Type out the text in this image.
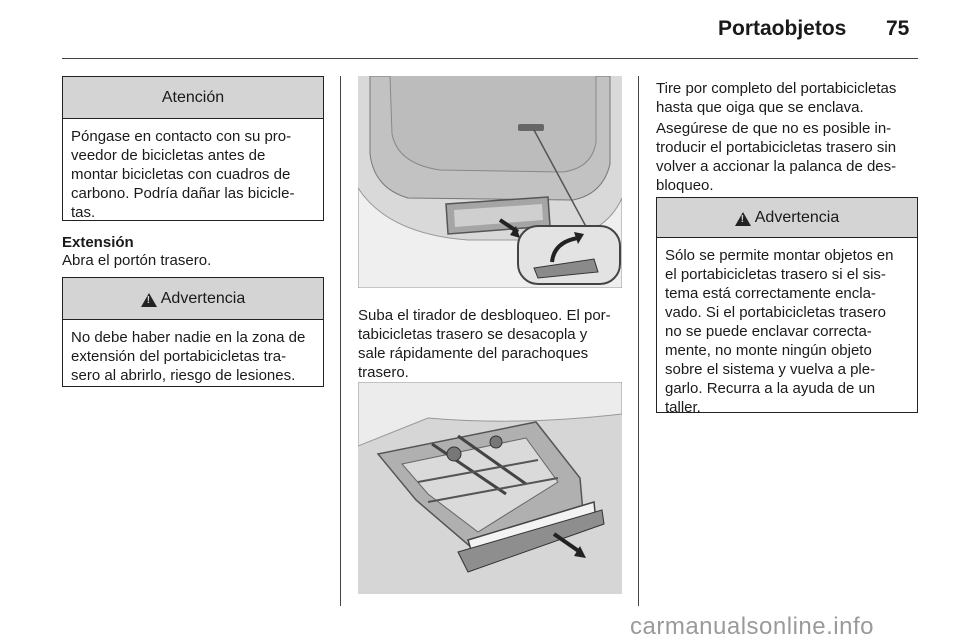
Portaobjetos 75
Atención
Póngase en contacto con su pro-
veedor de bicicletas antes de
montar bicicletas con cuadros de
carbono. Podría dañar las bicicle-
tas.
Extensión
Abra el portón trasero.
!
Advertencia
No debe haber nadie en la zona de
extensión del portabicicletas tra-
sero al abrirlo, riesgo de lesiones.
Suba el tirador de desbloqueo. El por-
tabicicletas trasero se desacopla y
sale rápidamente del parachoques
trasero.
Tire por completo del portabicicletas
hasta que oiga que se enclava.
Asegúrese de que no es posible in-
troducir el portabicicletas trasero sin
volver a accionar la palanca de des-
bloqueo.
!
Advertencia
Sólo se permite montar objetos en
el portabicicletas trasero si el sis-
tema está correctamente encla-
vado. Si el portabicicletas trasero
no se puede enclavar correcta-
mente, no monte ningún objeto
sobre el sistema y vuelva a ple-
garlo. Recurra a la ayuda de un
taller.
carmanualsonline.info
